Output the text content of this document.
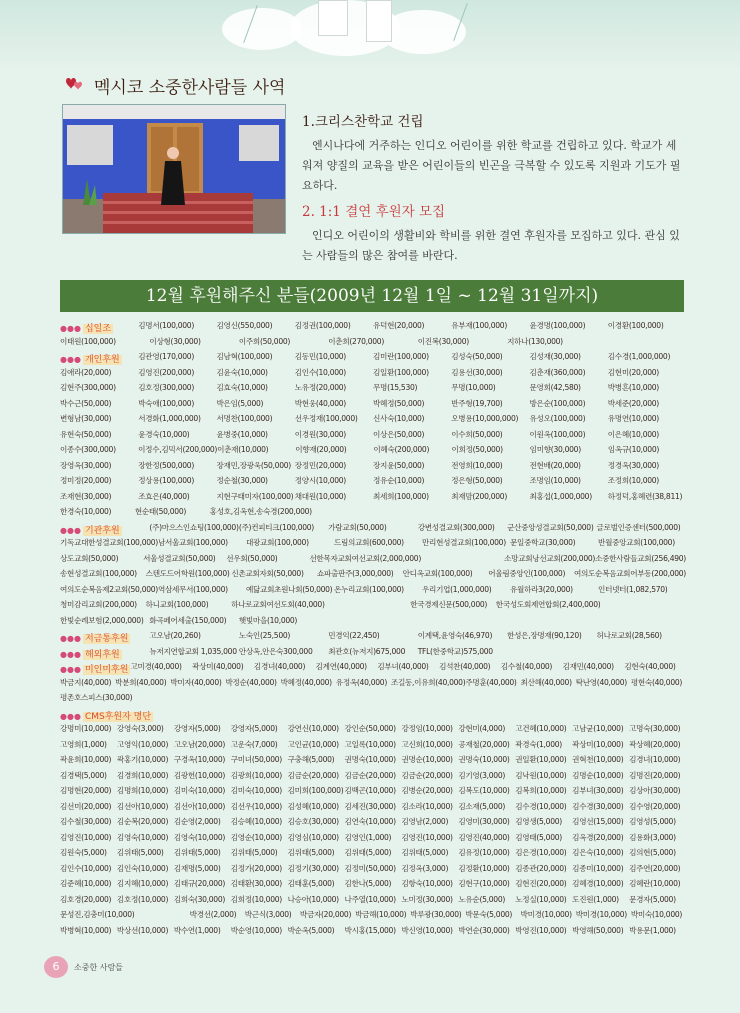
멕시코 소중한사람들 사역

1.크리스찬학교 건립

엔시나다에 거주하는 인디오 어린이를 위한 학교를 건립하고 있다. 학교가 세워져 양질의 교육을 받은 어린이들의 빈곤을 극복할 수 있도록 지원과 기도가 필요하다.

2. 1:1 결연 후원자 모집

인디오 어린이의 생활비와 학비를 위한 결연 후원자를 모집하고 있다. 관심 있는 사람들의 많은 참여를 바란다.

12월 후원해주신 분들(2009년 12월 1일 ~ 12월 31일까지)
●●● 십일조	김명서(100,000)	김영신(550,000)	김정권(100,000)	유덕현(20,000)	유부재(100,000)	윤경명(100,000)	이경환(100,000)
이태원(100,000)	이상형(30,000)	이주희(50,000)	이춘희(270,000)	이진복(30,000)	지하나(130,000)
●●● 개인후원	김관영(170,000)	김남혁(100,000)	김동민(10,000)	김미란(100,000)	김성숙(50,000)	김성재(30,000)	김수경(1,000,000)
김애라(20,000)	김영진(200,000)	김윤숙(10,000)	김인수(10,000)	김일환(100,000)	김용선(30,000)	김춘재(360,000)	김현미(20,000)
김현주(300,000)	김호정(300,000)	김효숙(10,000)	노유정(20,000)	무명(15,530)	무명(10,000)	문영희(42,580)	박병흔(10,000)
박수근(50,000)	박숙애(100,000)	박은임(5,000)	박현웅(40,000)	박혜정(50,000)	반주형(19,700)	방은순(100,000)	박세준(20,000)
변형남(30,000)	서경화(1,000,000)	서명찬(100,000)	선우정재(100,000)	신사숙(10,000)	오병용(10,000,000)	유성오(100,000)	유명연(10,000)
유현숙(50,000)	윤경숙(10,000)	윤병중(10,000)	이경원(30,000)	이상은(50,000)	이수희(50,000)	이원옥(100,000)	이은혜(10,000)
이종수(300,000)	이정수,김믹서(200,000) 이춘재(10,000)	이향재(20,000)	이혜숙(200,000)	이희정(50,000)	임미향(30,000)	임옥규(10,000)
장영옥(30,000)	장한정(500,000)	장재민,장광욱(50,000) 장정민(20,000)	장지윤(50,000)	전영희(10,000)	전현배(20,000)	정경옥(30,000)
정미정(20,000)	정상용(100,000)	정순철(30,000)	정양시(10,000)	정유순(10,000)	정은형(50,000)	조명임(10,000)	조정희(10,000)
조재현(30,000)	조효은(40,000)	지현구태미자(100,000) 채대원(10,000)	최세희(100,000)	최재맘(200,000)	최홍섭(1,000,000)	하정덕,홍혜련(38,811)
한경숙(10,000)	현순태(50,000)	홍성호,김옥현,송숙경(200,000)
●●● 기관후원	(주)마으스인쇼팅(100,000) (주)컨피티크(100,000)	가람교회(50,000)	강변성결교회(300,000)	군산중앙성결교회(50,000) 글로벌인증센터(500,000)
기독교대한성결교회(100,000) 남서울교회(100,000)	대광교회(100,000)	드림의교회(600,000)	만리현성결교회(100,000) 문일중학교(30,000)	반월중앙교회(100,000)
상도교회(50,000)	서울성결교회(50,000)	선우회(50,000)	선한목자교회여선교회(2,000,000)	소망교회낭선교회(200,000) 소중한사람들교회(256,490)
송현성결교회(100,000)	스텐도드어학원(100,000) 신촌교회자회(50,000)	쇼파출판주(3,000,000)	안디옥교회(100,000)	어울림중앙인(100,000)	여의도순복음교회어부동(200,000)
여의도순복음제2교회(50,000) 역삼세무서(100,000)	예닮교회초원나회(50,000) 온누리교회(100,000)	우리기업(1,000,000)	유월하라3(20,000)	인터넷터(1,082,570)
청미감리교회(200,000)	하니교회(100,000)	하나로교회여선도회(40,000)	한국경제신문(500,000)	한국성도회제연합회(2,400,000)
한빛순례보험(2,000,000) 화곡페어세출(150,000)	햇빛마을(10,000)
●●● 저금통후원	고오남(20,260)	노숙인(25,500)	민경익(22,450)	이계택,윤영숙(46,970)	한성은,장명재(90,120)	허나로교회(28,560)
●●● 해외후원	뉴저지연합교회 1,035,000 안상옥,안은숙300,000	최관호(뉴저지)675,000	TFL(한중학교)575,000
●●● 미인미후원 고미경(40,000)	곽상미(40,000)	김경녀(40,000)	김계연(40,000)	김부녀(40,000)	김석찬(40,000)	김수철(40,000)	김재민(40,000)	김현숙(40,000)
박금지(40,000) 박분희(40,000) 박미자(40,000) 박정순(40,000) 박혜정(40,000) 유정옥(40,000) 조길동,이유희(40,000) 주명훈(40,000) 최산해(40,000) 탁난영(40,000) 평현숙(40,000)
평촌호스피스(30,000)
●●● CMS후원자 명단
강명미(10,000) 강영숙(3,000)	강영자(5,000)	강영자(5,000)	강연신(10,000) 강인순(50,000) 강정임(10,000) 강현미(4,000)	고건혜(10,000) 고남균(10,000) 고명숙(30,000)
고영희(1,000)	고영익(10,000) 고오남(20,000) 고운숙(7,000)	고인균(10,000) 고일록(10,000) 고신희(10,000) 공재철(20,000) 곽경숙(1,000)	곽상미(10,000) 곽상혜(20,000)
곽윤희(10,000) 곽홍기(10,000) 구경옥(10,000) 구미녀(50,000) 구충해(5,000)	권명숙(10,000) 권명순(10,000) 권명숙(10,000) 권일환(10,000) 권혁천(10,000) 김경녀(10,000)
김경택(5,000)	김경희(10,000) 김광헌(10,000) 김광희(10,000) 김금순(20,000) 김금순(20,000) 김금순(20,000) 김기영(3,000)	김낙원(10,000) 김명순(10,000) 김명진(20,000)
김명현(20,000) 김명희(10,000) 김미숙(10,000) 김미숙(10,000) 김미희(100,000) 김백곤(10,000) 김병순(20,000) 김복도(10,000) 김복희(10,000) 김부녀(30,000) 김상아(30,000)
김선미(20,000) 김선아(10,000) 김선아(10,000) 김선우(10,000) 김성혜(10,000) 김세진(30,000) 김소라(10,000) 김소재(5,000)	김수경(10,000) 김수경(30,000) 김수영(20,000)
김수철(30,000) 김순복(20,000) 김순영(2,000)	김승혜(10,000) 김승호(30,000) 김연숙(10,000) 김영남(2,000)	김영미(30,000) 김영생(5,000)	김영선(15,000) 김영성(5,000)
김영진(10,000) 김영숙(10,000) 김영숙(10,000) 김영순(10,000) 김영심(10,000) 김영인(1,000)	김영진(10,000) 김영진(40,000) 김영태(5,000)	김옥경(20,000) 김용화(3,000)
김원숙(5,000)	김위태(5,000)	김위태(5,000)	김위태(5,000)	김위태(5,000)	김위태(5,000)	김위태(5,000)	김유정(10,000) 김은경(10,000) 김은숙(10,000) 김의현(5,000)
김인수(10,000) 김인숙(10,000) 김재명(5,000)	김정가(20,000) 김정기(30,000) 김정미(50,000) 김정옥(3,000)	김정환(10,000) 김종관(20,000) 김종미(10,000) 김주연(20,000)
김준혜(10,000) 김지혜(10,000) 김태규(20,000) 김태환(30,000) 김태훈(5,000)	김한나(5,000)	김항숙(10,000) 김현구(10,000) 김현진(20,000) 김혜경(10,000) 김혜란(10,000)
김호경(20,000) 김호정(10,000) 김희숙(30,000) 김희정(10,000) 나승아(10,000) 나주열(10,000) 노미정(30,000) 노유순(5,000)	노정실(10,000) 도진원(1,000)	문경자(5,000)
문성진,김충미(10,000)	박경선(2,000)	박근식(3,000)	박금자(20,000) 박금해(10,000) 박루광(30,000) 박문숙(5,000)	박미경(10,000) 박미경(10,000) 박미숙(10,000)
박병혁(10,000) 박상선(10,000) 박수연(1,000)	박순영(10,000) 박순옥(5,000)	박시홍(15,000) 박신영(10,000) 박연순(30,000) 박영진(10,000) 박영해(50,000) 박용문(1,000)
6	소중한 사람들
